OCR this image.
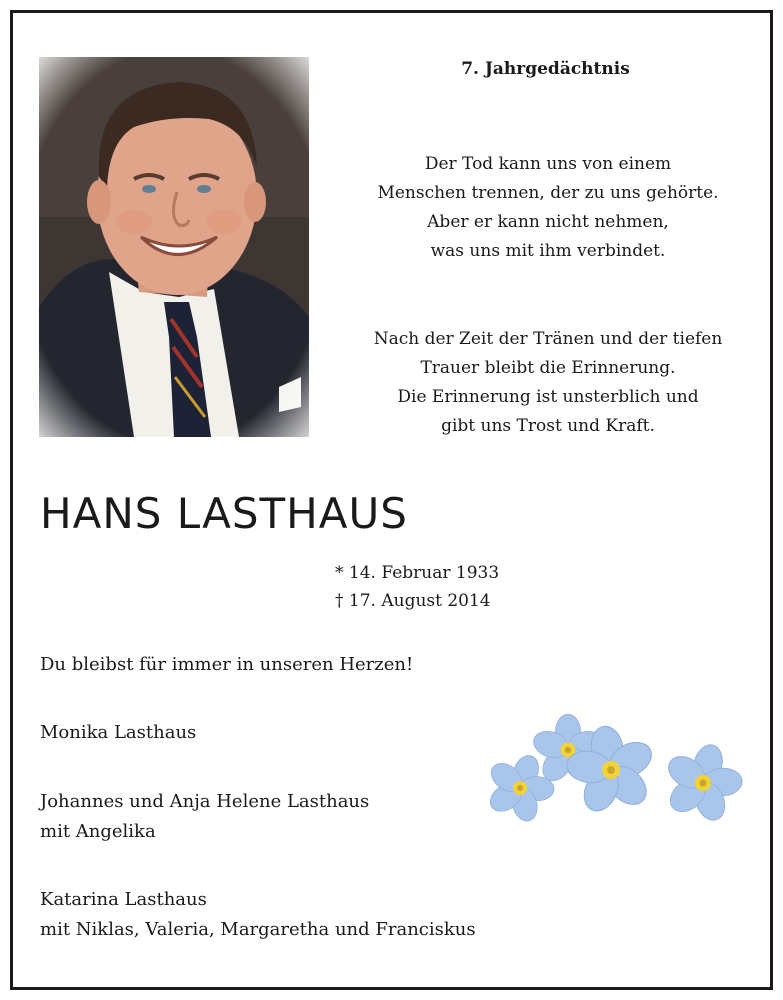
7. Jahrgedächtnis

Der Tod kann uns von einem
Menschen trennen, der zu uns gehörte.
Aber er kann nicht nehmen,
was uns mit ihm verbindet.

Nach der Zeit der Tränen und der tiefen
Trauer bleibt die Erinnerung.
Die Erinnerung ist unsterblich und
gibt uns Trost und Kraft.

HANS LASTHAUS

* 14. Februar 1933
† 17. August 2014

Du bleibst für immer in unseren Herzen!

Monika Lasthaus

Johannes und Anja Helene Lasthaus
mit Angelika

Katarina Lasthaus
mit Niklas, Valeria, Margaretha und Franciskus
